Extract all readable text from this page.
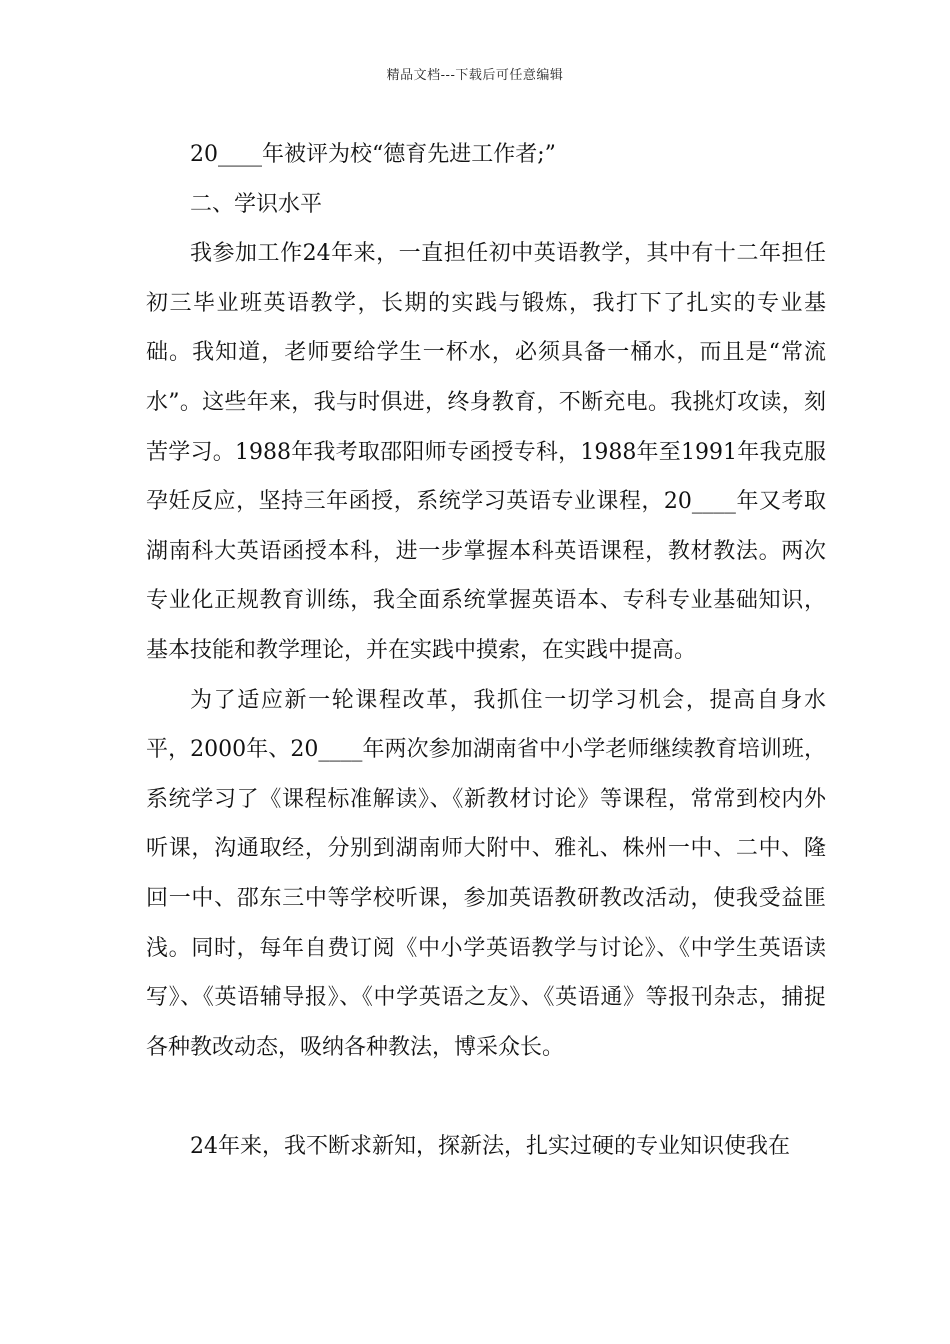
精品文档---下载后可任意编辑

20____年被评为校“德育先进工作者;”

二、学识水平

我参加工作24年来，一直担任初中英语教学，其中有十二年担任初三毕业班英语教学，长期的实践与锻炼，我打下了扎实的专业基础。我知道，老师要给学生一杯水，必须具备一桶水，而且是“常流水”。这些年来，我与时俱进，终身教育，不断充电。我挑灯攻读，刻苦学习。1988年我考取邵阳师专函授专科，1988年至1991年我克服孕妊反应，坚持三年函授，系统学习英语专业课程，20____年又考取湖南科大英语函授本科，进一步掌握本科英语课程，教材教法。两次专业化正规教育训练，我全面系统掌握英语本、专科专业基础知识，基本技能和教学理论，并在实践中摸索，在实践中提高。

为了适应新一轮课程改革，我抓住一切学习机会，提高自身水平，2000年、20____年两次参加湖南省中小学老师继续教育培训班，系统学习了《课程标准解读》、《新教材讨论》等课程，常常到校内外听课，沟通取经，分别到湖南师大附中、雅礼、株州一中、二中、隆回一中、邵东三中等学校听课，参加英语教研教改活动，使我受益匪浅。同时，每年自费订阅《中小学英语教学与讨论》、《中学生英语读写》、《英语辅导报》、《中学英语之友》、《英语通》等报刊杂志，捕捉各种教改动态，吸纳各种教法，博采众长。

24年来，我不断求新知，探新法，扎实过硬的专业知识使我在
